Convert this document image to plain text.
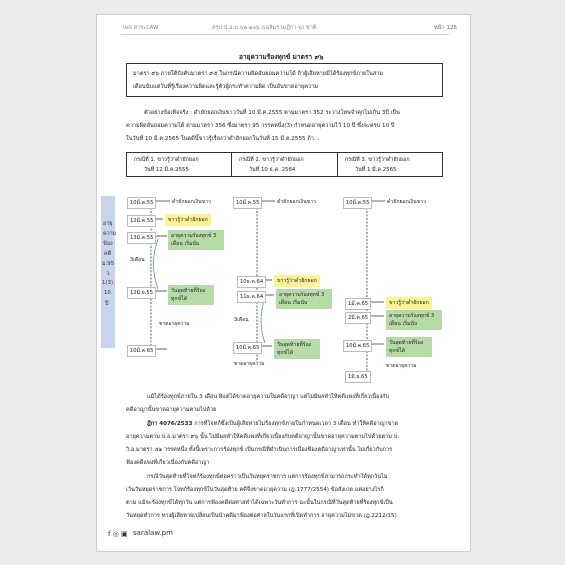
เพจ สาระLAW	สรุป ป.อ.ม.๖๒-๑๐๖ (เฉลิมรวมฎีกา-๖) ชาติ	หน้า 125
อายุความร้องทุกข์ มาตรา ๙๖
มาตรา ๙๖ ภายใต้บังคับมาตรา ๙๕ ในกรณีความผิดอันยอมความได้ ถ้าผู้เสียหายมิได้ร้องทุกข์ภายในสาม
เดือนนับแต่วันที่รู้เรื่องความผิดและรู้ตัวผู้กระทำความผิด เป็นอันขาดอายุความ
ตัวอย่างข้อเท็จจริง : ดำยักยอกเงินขาววันที่ 10 มี.ค.2555 ตามมาตรา 352 ระวางโทษจำคุกไม่เกิน 3ปี เป็น
ความผิดอันยอมความได้ ตามมาตรา 356 ซึ่งมาตรา 95 วรรคหนึ่ง(3) กำหนดอายุความไว้ 10 ปี ซึ่งจะครบ 10 ปี
ในวันที่ 10 มี.ค.2565 ในคดีนี้ขาวรู้เรื่องว่าดำยักยอกในวันที่ 15 มี.ค.2555 ถ้า...
กรณีที่ 1. ขาวรู้ว่าดำยักยอก
วันที่ 12 มี.ค.2555
กรณีที่ 2. ขาวรู้ว่าดำยักยอก
วันที่ 10 ธ.ค. 2564
กรณีที่ 3. ขาวรู้ว่าดำยักยอก
วันที่ 1 มี.ค.2565
อายุ
ความ
ฟ้อง
คดี
ม.95
ว.
1(3)
10
ปี
10มี.ค.55	ดำยักยอกเงินขาว
12มี.ค.55	ขาวรู้ว่าดำยักยอก
13มี.ค.55	อายุความร้องทุกข์ 3 เดือน เริ่มนับ
3เดือน
12มิ.ย.55	วันสุดท้ายที่ร้องทุกข์ได้
ขาดอายุความ
10มี.ค.65
10มี.ค.55	ดำยักยอกเงินขาว
10ธ.ค.64	ขาวรู้ว่าดำยักยอก
11ธ.ค.64	อายุความร้องทุกข์ 3 เดือน เริ่มนับ
3เดือน
10มี.ค.65	วันสุดท้ายที่ร้องทุกข์ได้
ขาดอายุความ
10มี.ค.55	ดำยักยอกเงินขาว
1มี.ค.65	ขาวรู้ว่าดำยักยอก
2มี.ค.65	อายุความร้องทุกข์ 3 เดือน เริ่มนับ
10มี.ค.65	วันสุดท้ายที่ร้องทุกข์ได้
ขาดอายุความ
1มิ.ย.65
แม้ได้ร้องทุกข์ภายใน 3 เดือน ผิแต่ได้ขาดอายุความในคดีอาญา แต่ไม่มีผลทำให้คดีแพ่งที่เกี่ยวเนื่องกับ
คดีอาญานั้นขาดอายุความตามไปด้วย
ฎีกา 4076/2533 การที่โจทก์ซึ่งเป็นผู้เสียหายไม่ร้องทุกข์ภายในกำหนดเวลา 3 เดือน ทำให้คดีอาญาขาด
อายุความตาม ป.อ.มาตรา ๙๖ นั้น ไม่มีผลทำให้คดีแพ่งที่เกี่ยวเนื่องกับคดีอาญานั้นขาดอายุความตามไปด้วยตาม ป.
วิ.อ.มาตรา ๕๑ วรรคหนึ่ง ทั้งนี้เพราะการร้องทุกข์ เป็นกรณีที่ดำเนินการเนื่องฟ้องคดีอาญาเท่านั้น ไม่เกี่ยวกับการ
ฟ้องคดีแพ่งที่เกี่ยวเนื่องกับคดีอาญา
กรณีวันสุดท้ายที่โจทก์ร้องทุกข์ต่อคราวเป็นวันหยุดราชการ แต่การร้องทุกข์สามารถกระทำได้ทุกวันไม่
เว้นวันหยุดราชการ โจทก์ร้องทุกข์ในวันสุดท้าย คดีจึงขาดอายุความ (ฎ.1777/2554) ข้อสังเกต แต่อย่างไรก็
ตาม แม้จะร้องทุกข์ได้ทุกวัน แต่การฟ้องคดีต่อศาลทำได้เฉพาะวันทำการ ฉะนั้นในกรณีที่วันสุดท้ายที่ร้องทุกข์เป็น
วันหยุดทำการ ทางผู้เสียหายเปลี่ยนเป็นนำคดีมาฟ้องต่อศาลในวันแรกที่เปิดทำการ อายุความไม่ขาด (ฎ.2212/15)
f ◎ ▣ saralaw.pm
